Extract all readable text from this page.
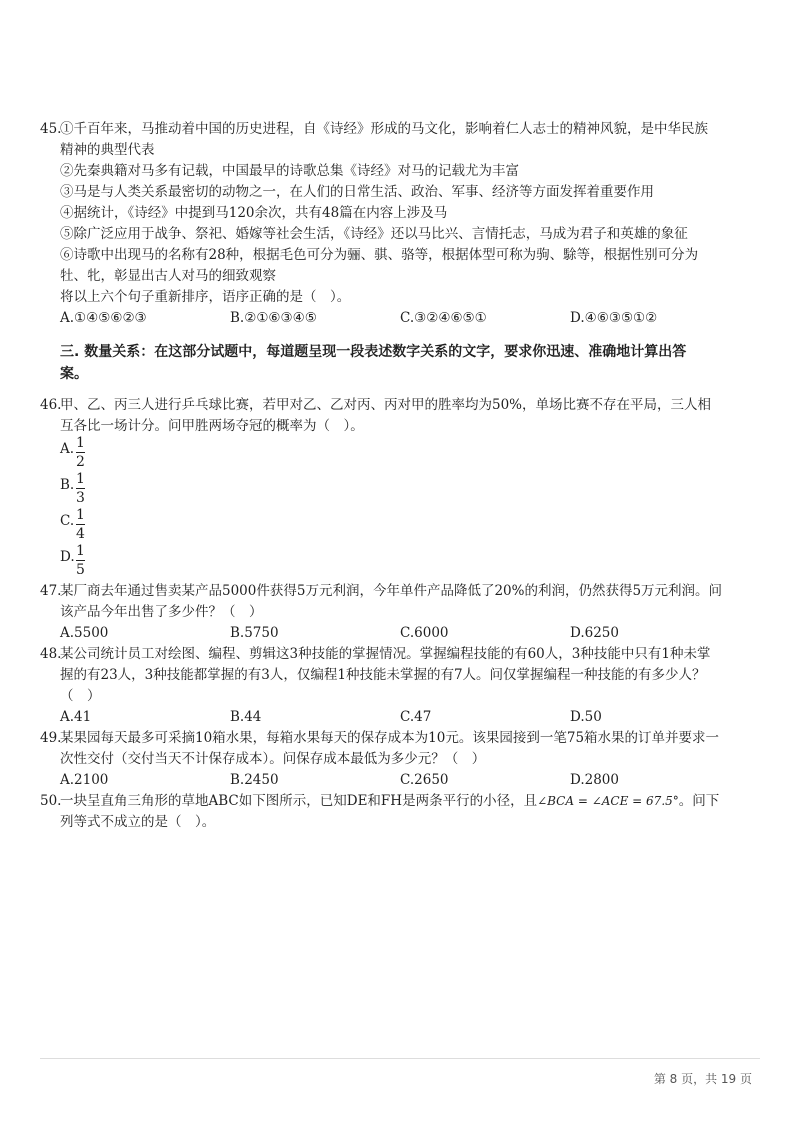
45.
①千百年来，马推动着中国的历史进程，自《诗经》形成的马文化，影响着仁人志士的精神风貌，是中华民族
精神的典型代表
②先秦典籍对马多有记载，中国最早的诗歌总集《诗经》对马的记载尤为丰富
③马是与人类关系最密切的动物之一，在人们的日常生活、政治、军事、经济等方面发挥着重要作用
④据统计，《诗经》中提到马120余次，共有48篇在内容上涉及马
⑤除广泛应用于战争、祭祀、婚嫁等社会生活，《诗经》还以马比兴、言情托志，马成为君子和英雄的象征
⑥诗歌中出现马的名称有28种，根据毛色可分为骊、骐、骆等，根据体型可称为驹、駼等，根据性别可分为
牡、牝，彰显出古人对马的细致观察
将以上六个句子重新排序，语序正确的是（　）。
A.①④⑤⑥②③	B.②①⑥③④⑤	C.③②④⑥⑤①	D.④⑥③⑤①②
三. 数量关系：在这部分试题中，每道题呈现一段表述数字关系的文字，要求你迅速、准确地计算出答
案。
46.
甲、乙、丙三人进行乒乓球比赛，若甲对乙、乙对丙、丙对甲的胜率均为50%，单场比赛不存在平局，三人相
互各比一场计分。问甲胜两场夺冠的概率为（　）。
A. $\frac{1}{2}$
B. $\frac{1}{3}$
C. $\frac{1}{4}$
D. $\frac{1}{5}$
47.
某厂商去年通过售卖某产品5000件获得5万元利润，今年单件产品降低了20%的利润，仍然获得5万元利润。问
该产品今年出售了多少件？（　）
A.5500	B.5750	C.6000	D.6250
48.
某公司统计员工对绘图、编程、剪辑这3种技能的掌握情况。掌握编程技能的有60人，3种技能中只有1种未掌
握的有23人，3种技能都掌握的有3人，仅编程1种技能未掌握的有7人。问仅掌握编程一种技能的有多少人？
（　）
A.41	B.44	C.47	D.50
49.
某果园每天最多可采摘10箱水果，每箱水果每天的保存成本为10元。该果园接到一笔75箱水果的订单并要求一
次性交付（交付当天不计保存成本）。问保存成本最低为多少元？（　）
A.2100	B.2450	C.2650	D.2800
50.
一块呈直角三角形的草地ABC如下图所示，已知DE和FH是两条平行的小径，且∠BCA = ∠ACE = 67.5°。问下
列等式不成立的是（　）。
第 8 页，共 19 页
